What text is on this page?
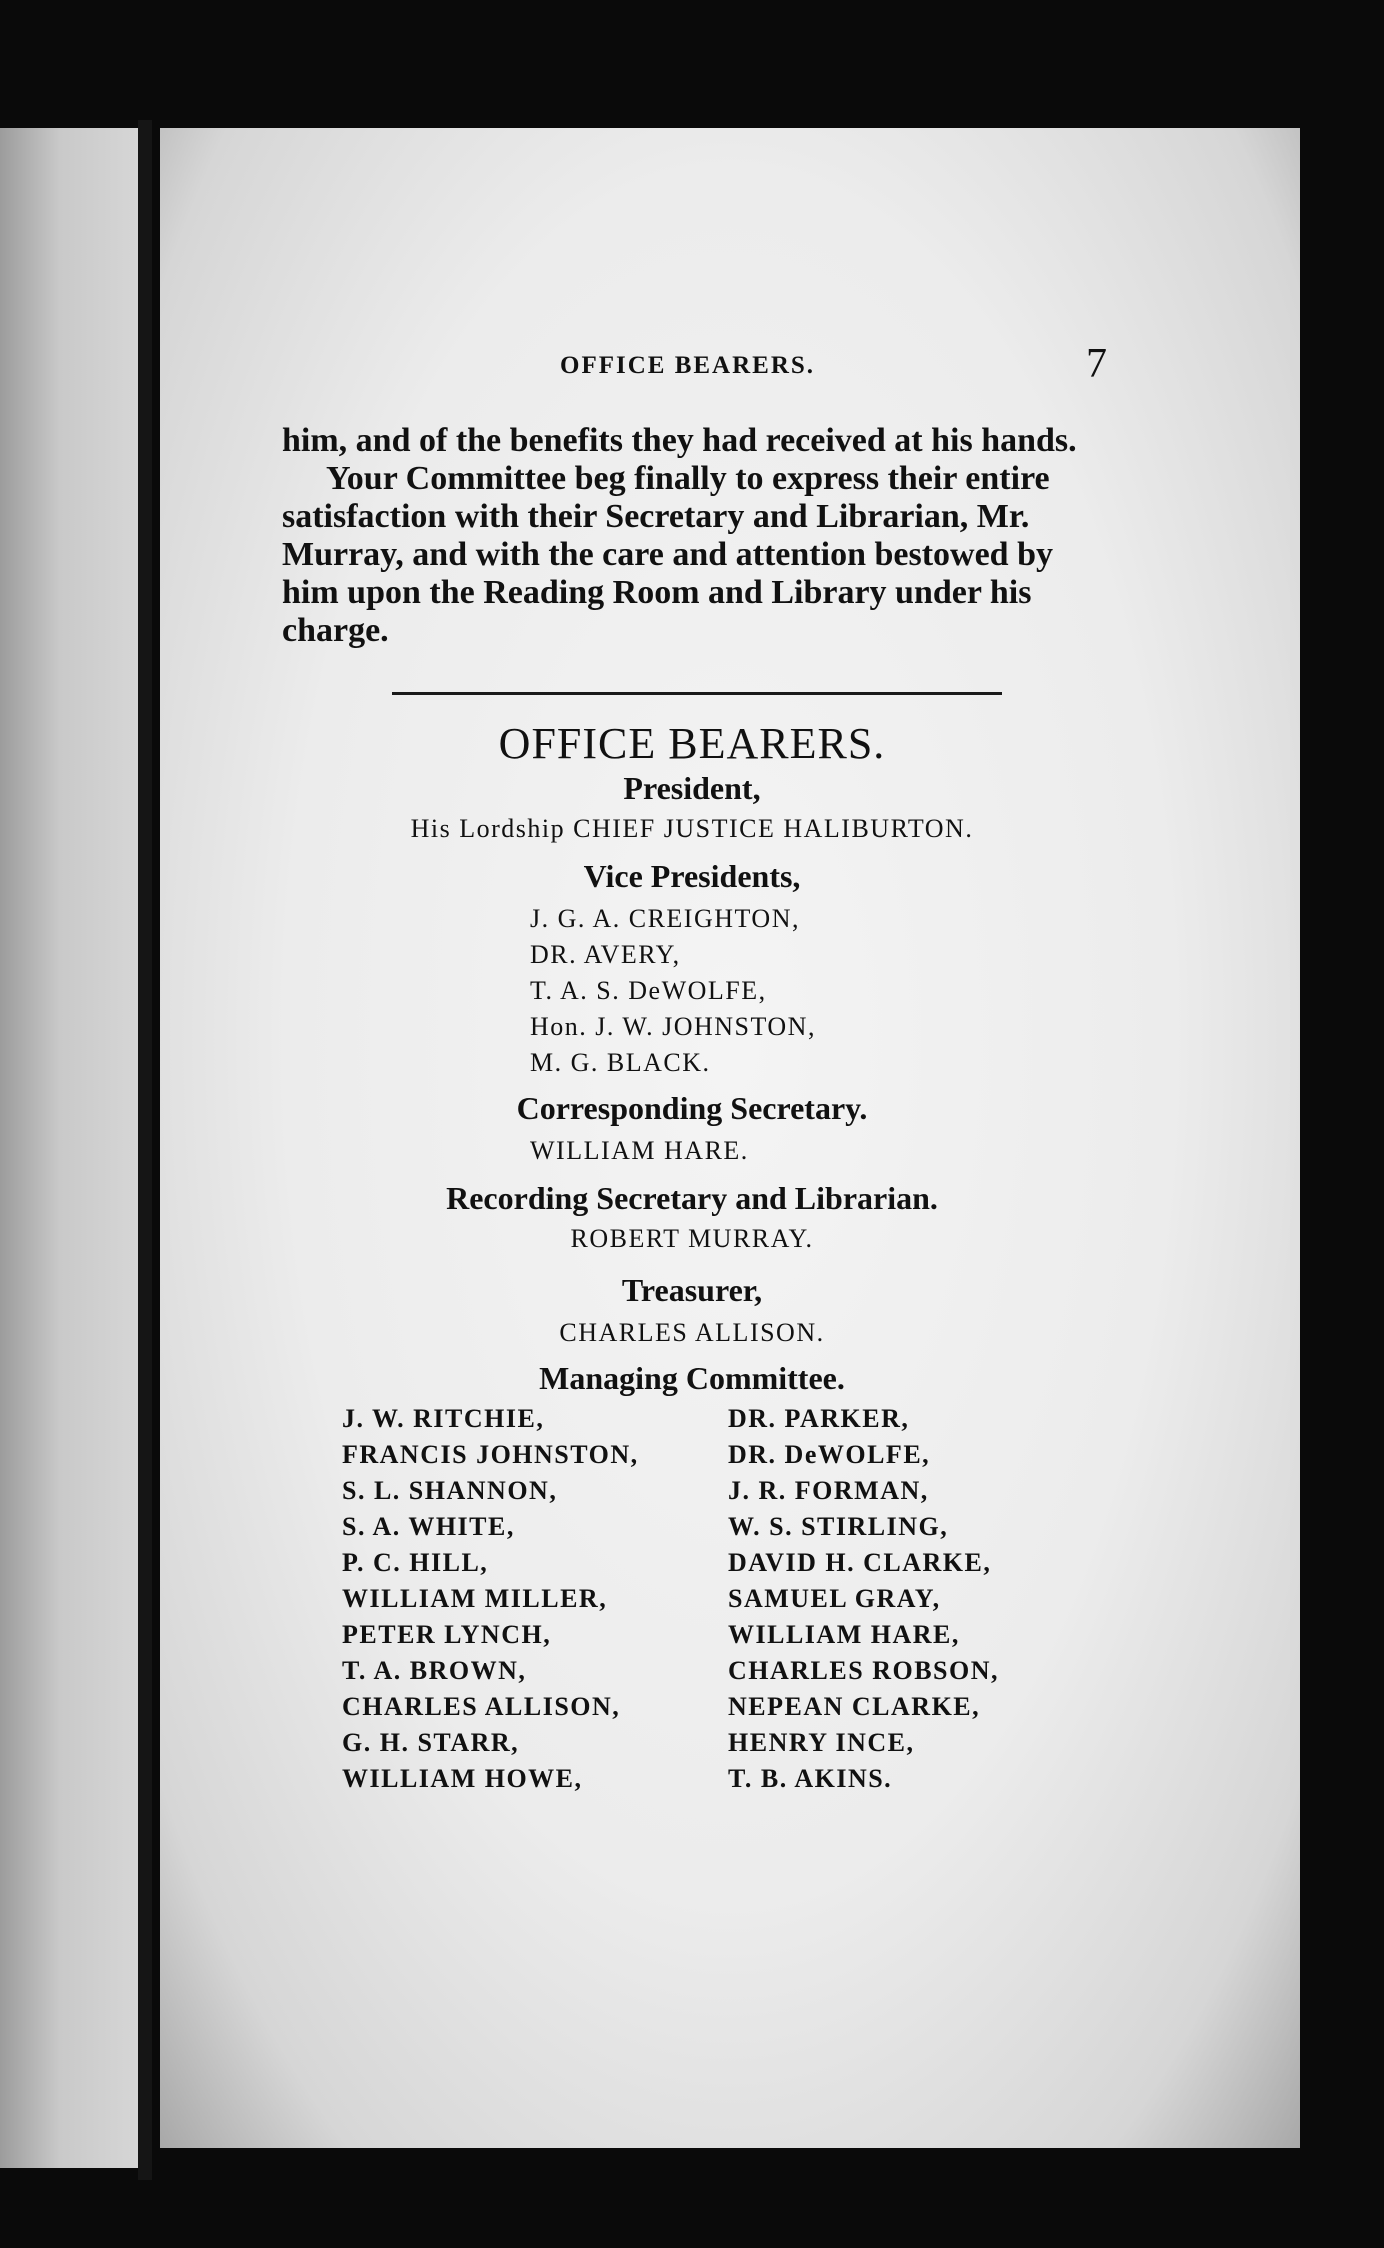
OFFICE BEARERS.	7
him, and of the benefits they had received at his hands.
Your Committee beg finally to express their entire
satisfaction with their Secretary and Librarian, Mr.
Murray, and with the care and attention bestowed by
him upon the Reading Room and Library under his
charge.
OFFICE BEARERS.
President,
His Lordship CHIEF JUSTICE HALIBURTON.
Vice Presidents,
J. G. A. CREIGHTON,
DR. AVERY,
T. A. S. DeWOLFE,
Hon. J. W. JOHNSTON,
M. G. BLACK.
Corresponding Secretary.
WILLIAM HARE.
Recording Secretary and Librarian.
ROBERT MURRAY.
Treasurer,
CHARLES ALLISON.
Managing Committee.
J. W. RITCHIE,
FRANCIS JOHNSTON,
S. L. SHANNON,
S. A. WHITE,
P. C. HILL,
WILLIAM MILLER,
PETER LYNCH,
T. A. BROWN,
CHARLES ALLISON,
G. H. STARR,
WILLIAM HOWE,
DR. PARKER,
DR. DeWOLFE,
J. R. FORMAN,
W. S. STIRLING,
DAVID H. CLARKE,
SAMUEL GRAY,
WILLIAM HARE,
CHARLES ROBSON,
NEPEAN CLARKE,
HENRY INCE,
T. B. AKINS.
